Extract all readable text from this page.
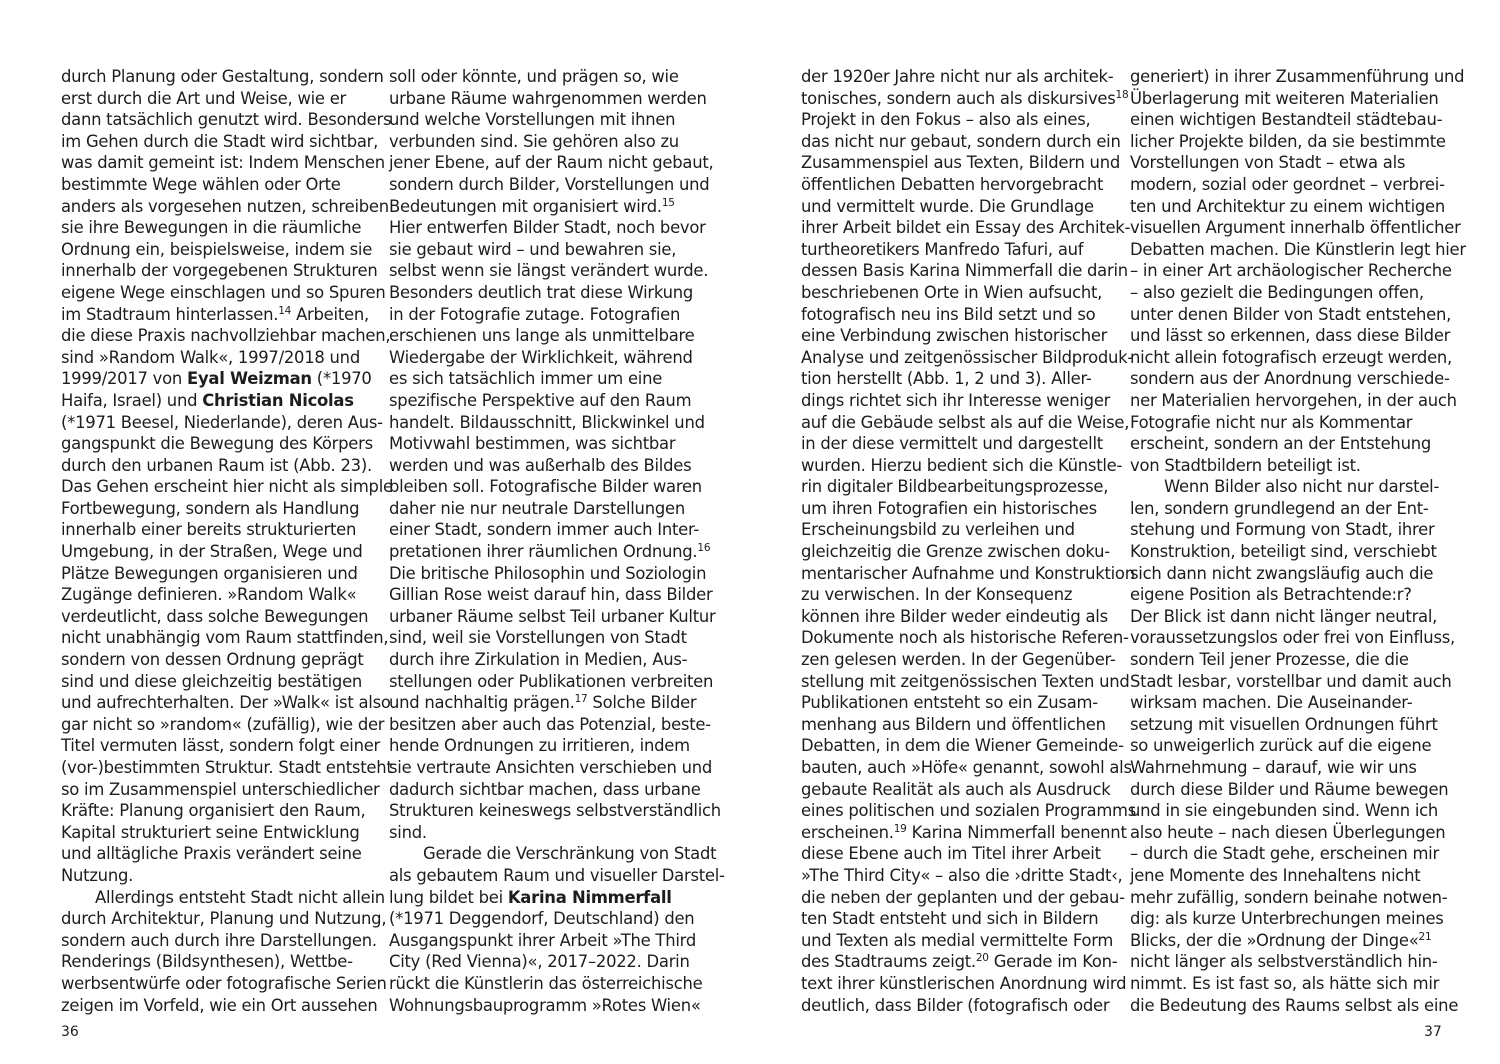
durch Planung oder Gestaltung, sondern
erst durch die Art und Weise, wie er
dann tatsächlich genutzt wird. Besonders
im Gehen durch die Stadt wird sichtbar,
was damit gemeint ist: Indem Menschen
bestimmte Wege wählen oder Orte
anders als vorgesehen nutzen, schreiben
sie ihre Bewegungen in die räumliche
Ordnung ein, beispielsweise, indem sie
innerhalb der vorgegebenen Strukturen
eigene Wege einschlagen und so Spuren
im Stadtraum hinterlassen.$^{14}$ Arbeiten,
die diese Praxis nachvollziehbar machen,
sind »Random Walk«, 1997/2018 und
1999/2017 von Eyal Weizman (*1970
Haifa, Israel) und Christian Nicolas
(*1971 Beesel, Niederlande), deren Aus-
gangspunkt die Bewegung des Körpers
durch den urbanen Raum ist (Abb. 23).
Das Gehen erscheint hier nicht als simple
Fortbewegung, sondern als Handlung
innerhalb einer bereits strukturierten
Umgebung, in der Straßen, Wege und
Plätze Bewegungen organisieren und
Zugänge definieren. »Random Walk«
verdeutlicht, dass solche Bewegungen
nicht unabhängig vom Raum stattfinden,
sondern von dessen Ordnung geprägt
sind und diese gleichzeitig bestätigen
und aufrechterhalten. Der »Walk« ist also
gar nicht so »random« (zufällig), wie der
Titel vermuten lässt, sondern folgt einer
(vor-)bestimmten Struktur. Stadt entsteht
so im Zusammenspiel unterschiedlicher
Kräfte: Planung organisiert den Raum,
Kapital strukturiert seine Entwicklung
und alltägliche Praxis verändert seine
Nutzung.
Allerdings entsteht Stadt nicht allein
durch Architektur, Planung und Nutzung,
sondern auch durch ihre Darstellungen.
Renderings (Bildsynthesen), Wettbe-
werbsentwürfe oder fotografische Serien
zeigen im Vorfeld, wie ein Ort aussehen
soll oder könnte, und prägen so, wie
urbane Räume wahrgenommen werden
und welche Vorstellungen mit ihnen
verbunden sind. Sie gehören also zu
jener Ebene, auf der Raum nicht gebaut,
sondern durch Bilder, Vorstellungen und
Bedeutungen mit organisiert wird.$^{15}$
Hier entwerfen Bilder Stadt, noch bevor
sie gebaut wird – und bewahren sie,
selbst wenn sie längst verändert wurde.
Besonders deutlich trat diese Wirkung
in der Fotografie zutage. Fotografien
erschienen uns lange als unmittelbare
Wiedergabe der Wirklichkeit, während
es sich tatsächlich immer um eine
spezifische Perspektive auf den Raum
handelt. Bildausschnitt, Blickwinkel und
Motivwahl bestimmen, was sichtbar
werden und was außerhalb des Bildes
bleiben soll. Fotografische Bilder waren
daher nie nur neutrale Darstellungen
einer Stadt, sondern immer auch Inter-
pretationen ihrer räumlichen Ordnung.$^{16}$
Die britische Philosophin und Soziologin
Gillian Rose weist darauf hin, dass Bilder
urbaner Räume selbst Teil urbaner Kultur
sind, weil sie Vorstellungen von Stadt
durch ihre Zirkulation in Medien, Aus-
stellungen oder Publikationen verbreiten
und nachhaltig prägen.$^{17}$ Solche Bilder
besitzen aber auch das Potenzial, beste-
hende Ordnungen zu irritieren, indem
sie vertraute Ansichten verschieben und
dadurch sichtbar machen, dass urbane
Strukturen keineswegs selbstverständlich
sind.
Gerade die Verschränkung von Stadt
als gebautem Raum und visueller Darstel-
lung bildet bei Karina Nimmerfall
(*1971 Deggendorf, Deutschland) den
Ausgangspunkt ihrer Arbeit »The Third
City (Red Vienna)«, 2017–2022. Darin
rückt die Künstlerin das österreichische
Wohnungsbauprogramm »Rotes Wien«
36
der 1920er Jahre nicht nur als architek-
tonisches, sondern auch als diskursives$^{18}$
Projekt in den Fokus – also als eines,
das nicht nur gebaut, sondern durch ein
Zusammenspiel aus Texten, Bildern und
öffentlichen Debatten hervorgebracht
und vermittelt wurde. Die Grundlage
ihrer Arbeit bildet ein Essay des Architek-
turtheoretikers Manfredo Tafuri, auf
dessen Basis Karina Nimmerfall die darin
beschriebenen Orte in Wien aufsucht,
fotografisch neu ins Bild setzt und so
eine Verbindung zwischen historischer
Analyse und zeitgenössischer Bildproduk-
tion herstellt (Abb. 1, 2 und 3). Aller-
dings richtet sich ihr Interesse weniger
auf die Gebäude selbst als auf die Weise,
in der diese vermittelt und dargestellt
wurden. Hierzu bedient sich die Künstle-
rin digitaler Bildbearbeitungsprozesse,
um ihren Fotografien ein historisches
Erscheinungsbild zu verleihen und
gleichzeitig die Grenze zwischen doku-
mentarischer Aufnahme und Konstruktion
zu verwischen. In der Konsequenz
können ihre Bilder weder eindeutig als
Dokumente noch als historische Referen-
zen gelesen werden. In der Gegenüber-
stellung mit zeitgenössischen Texten und
Publikationen entsteht so ein Zusam-
menhang aus Bildern und öffentlichen
Debatten, in dem die Wiener Gemeinde-
bauten, auch »Höfe« genannt, sowohl als
gebaute Realität als auch als Ausdruck
eines politischen und sozialen Programms
erscheinen.$^{19}$ Karina Nimmerfall benennt
diese Ebene auch im Titel ihrer Arbeit
»The Third City« – also die ›dritte Stadt‹,
die neben der geplanten und der gebau-
ten Stadt entsteht und sich in Bildern
und Texten als medial vermittelte Form
des Stadtraums zeigt.$^{20}$ Gerade im Kon-
text ihrer künstlerischen Anordnung wird
deutlich, dass Bilder (fotografisch oder
generiert) in ihrer Zusammenführung und
Überlagerung mit weiteren Materialien
einen wichtigen Bestandteil städtebau-
licher Projekte bilden, da sie bestimmte
Vorstellungen von Stadt – etwa als
modern, sozial oder geordnet – verbrei-
ten und Architektur zu einem wichtigen
visuellen Argument innerhalb öffentlicher
Debatten machen. Die Künstlerin legt hier
– in einer Art archäologischer Recherche
– also gezielt die Bedingungen offen,
unter denen Bilder von Stadt entstehen,
und lässt so erkennen, dass diese Bilder
nicht allein fotografisch erzeugt werden,
sondern aus der Anordnung verschiede-
ner Materialien hervorgehen, in der auch
Fotografie nicht nur als Kommentar
erscheint, sondern an der Entstehung
von Stadtbildern beteiligt ist.
Wenn Bilder also nicht nur darstel-
len, sondern grundlegend an der Ent-
stehung und Formung von Stadt, ihrer
Konstruktion, beteiligt sind, verschiebt
sich dann nicht zwangsläufig auch die
eigene Position als Betrachtende:r?
Der Blick ist dann nicht länger neutral,
voraussetzungslos oder frei von Einfluss,
sondern Teil jener Prozesse, die die
Stadt lesbar, vorstellbar und damit auch
wirksam machen. Die Auseinander-
setzung mit visuellen Ordnungen führt
so unweigerlich zurück auf die eigene
Wahrnehmung – darauf, wie wir uns
durch diese Bilder und Räume bewegen
und in sie eingebunden sind. Wenn ich
also heute – nach diesen Überlegungen
– durch die Stadt gehe, erscheinen mir
jene Momente des Innehaltens nicht
mehr zufällig, sondern beinahe notwen-
dig: als kurze Unterbrechungen meines
Blicks, der die »Ordnung der Dinge«$^{21}$
nicht länger als selbstverständlich hin-
nimmt. Es ist fast so, als hätte sich mir
die Bedeutung des Raums selbst als eine
37
